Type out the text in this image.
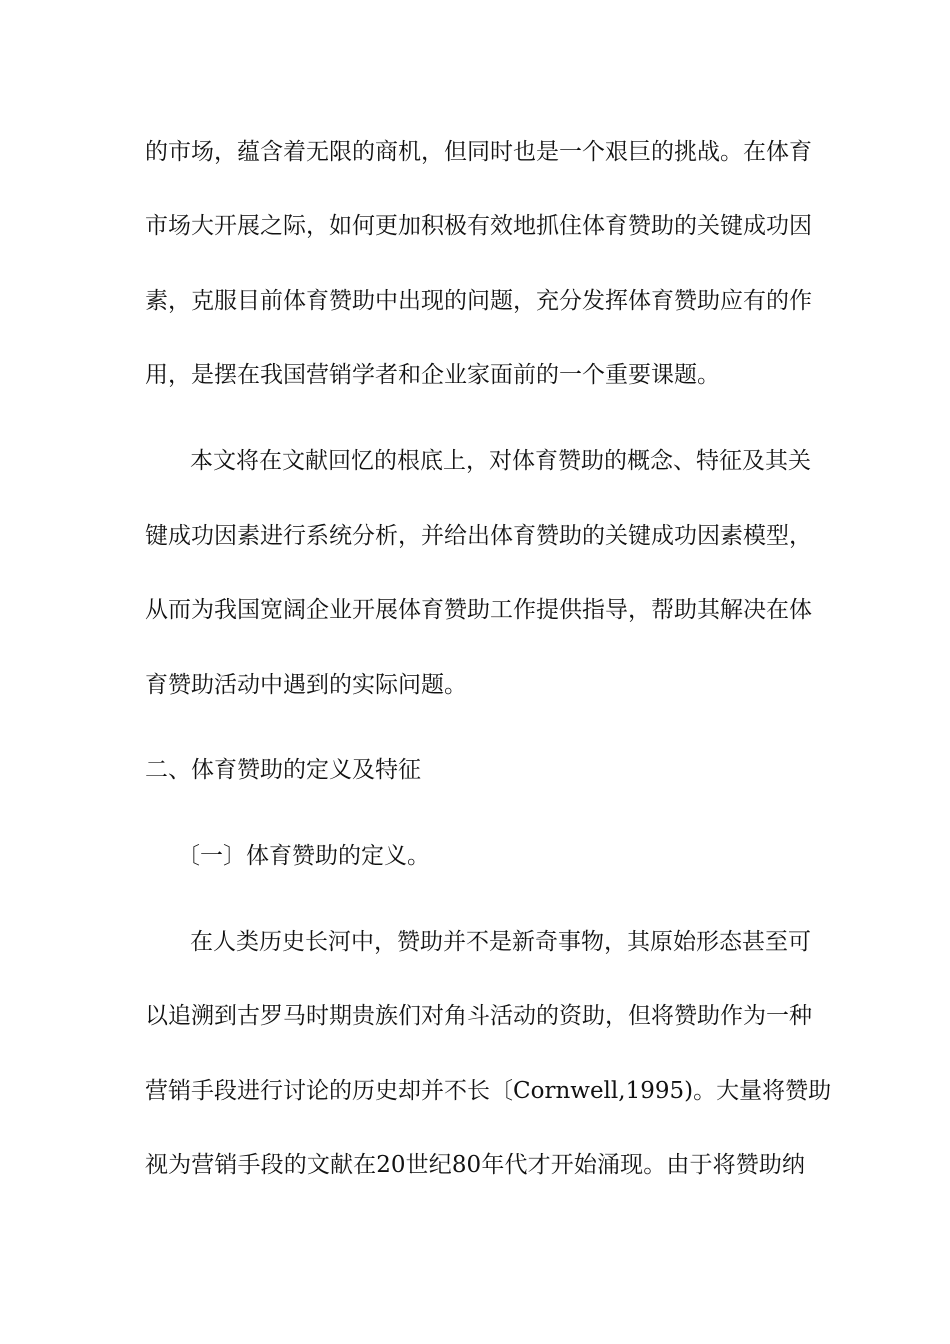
的市场，蕴含着无限的商机，但同时也是一个艰巨的挑战。在体育
市场大开展之际，如何更加积极有效地抓住体育赞助的关键成功因
素，克服目前体育赞助中出现的问题，充分发挥体育赞助应有的作
用，是摆在我国营销学者和企业家面前的一个重要课题。
本文将在文献回忆的根底上，对体育赞助的概念、特征及其关
键成功因素进行系统分析，并给出体育赞助的关键成功因素模型，
从而为我国宽阔企业开展体育赞助工作提供指导，帮助其解决在体
育赞助活动中遇到的实际问题。
二、体育赞助的定义及特征
〔一〕体育赞助的定义。
在人类历史长河中，赞助并不是新奇事物，其原始形态甚至可
以追溯到古罗马时期贵族们对角斗活动的资助，但将赞助作为一种
营销手段进行讨论的历史却并不长〔Cornwell,1995)。大量将赞助
视为营销手段的文献在20世纪80年代才开始涌现。由于将赞助纳
